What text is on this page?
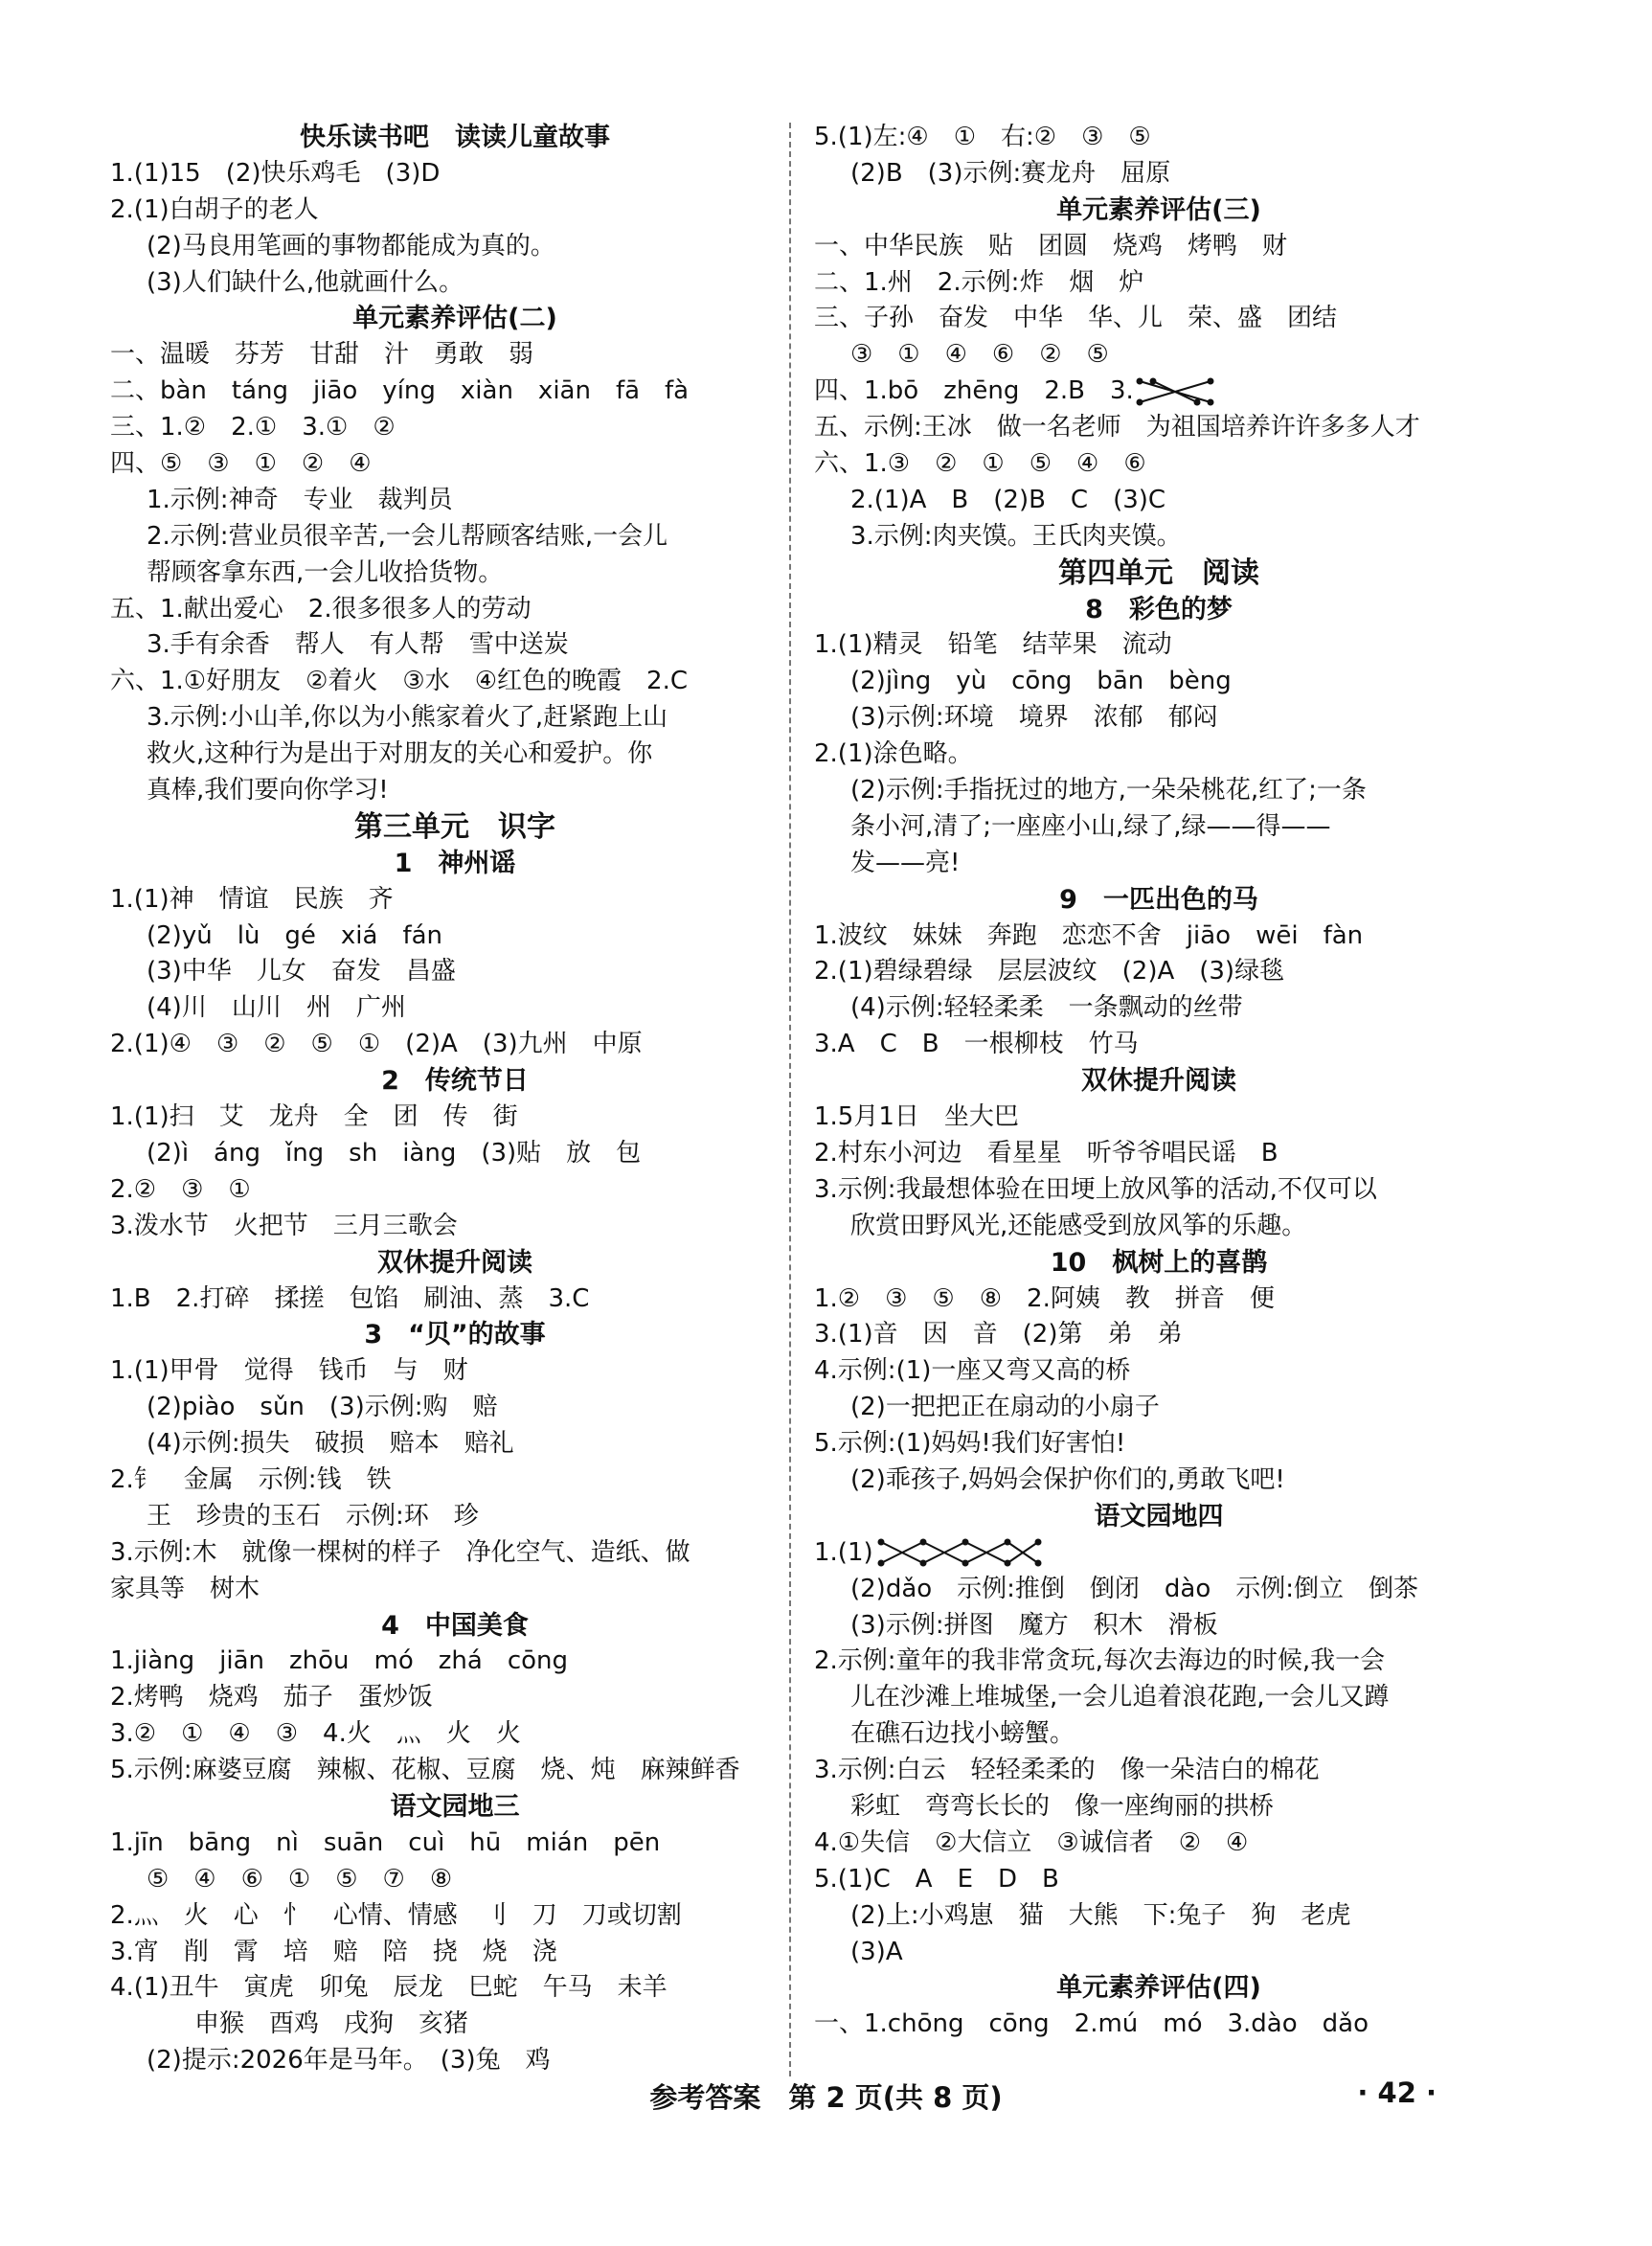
快乐读书吧　读读儿童故事
1.(1)15　(2)快乐鸡毛　(3)D
2.(1)白胡子的老人
(2)马良用笔画的事物都能成为真的。
(3)人们缺什么,他就画什么。
单元素养评估(二)
一、温暖　芬芳　甘甜　汁　勇敢　弱
二、bàn　táng　jiāo　yíng　xiàn　xiān　fā　fà
三、1.②　2.①　3.①　②
四、⑤　③　①　②　④
1.示例:神奇　专业　裁判员
2.示例:营业员很辛苦,一会儿帮顾客结账,一会儿
帮顾客拿东西,一会儿收拾货物。
五、1.献出爱心　2.很多很多人的劳动
3.手有余香　帮人　有人帮　雪中送炭
六、1.①好朋友　②着火　③水　④红色的晚霞　2.C
3.示例:小山羊,你以为小熊家着火了,赶紧跑上山
救火,这种行为是出于对朋友的关心和爱护。你
真棒,我们要向你学习!
第三单元　识字
1　神州谣
1.(1)神　情谊　民族　齐
(2)yǔ　lù　gé　xiá　fán
(3)中华　儿女　奋发　昌盛
(4)川　山川　州　广州
2.(1)④　③　②　⑤　①　(2)A　(3)九州　中原
2　传统节日
1.(1)扫　艾　龙舟　全　团　传　街
(2)ì　áng　ǐng　sh　iàng　(3)贴　放　包
2.②　③　①
3.泼水节　火把节　三月三歌会
双休提升阅读
1.B　2.打碎　揉搓　包馅　刷油、蒸　3.C
3　“贝”的故事
1.(1)甲骨　觉得　钱币　与　财
(2)piào　sǔn　(3)示例:购　赔
(4)示例:损失　破损　赔本　赔礼
2.钅　金属　示例:钱　铁
王　珍贵的玉石　示例:环　珍
3.示例:木　就像一棵树的样子　净化空气、造纸、做
家具等　树木
4　中国美食
1.jiàng　jiān　zhōu　mó　zhá　cōng
2.烤鸭　烧鸡　茄子　蛋炒饭
3.②　①　④　③　4.火　灬　火　火
5.示例:麻婆豆腐　辣椒、花椒、豆腐　烧、炖　麻辣鲜香
语文园地三
1.jīn　bāng　nì　suān　cuì　hū　mián　pēn
⑤　④　⑥　①　⑤　⑦　⑧
2.灬　火　心　忄　心情、情感　刂　刀　刀或切割
3.宵　削　霄　培　赔　陪　挠　烧　浇
4.(1)丑牛　寅虎　卯兔　辰龙　巳蛇　午马　未羊
申猴　酉鸡　戌狗　亥猪
(2)提示:2026年是马年。　(3)兔　鸡
5.(1)左:④　①　右:②　③　⑤
(2)B　(3)示例:赛龙舟　屈原
单元素养评估(三)
一、中华民族　贴　团圆　烧鸡　烤鸭　财
二、1.州　2.示例:炸　烟　炉
三、子孙　奋发　中华　华、儿　荣、盛　团结
③　①　④　⑥　②　⑤
四、1.bō　zhēng　2.B　3.
五、示例:王冰　做一名老师　为祖国培养许许多多人才
六、1.③　②　①　⑤　④　⑥
2.(1)A　B　(2)B　C　(3)C
3.示例:肉夹馍。王氏肉夹馍。
第四单元　阅读
8　彩色的梦
1.(1)精灵　铅笔　结苹果　流动
(2)jìng　yù　cōng　bān　bèng
(3)示例:环境　境界　浓郁　郁闷
2.(1)涂色略。
(2)示例:手指抚过的地方,一朵朵桃花,红了;一条
条小河,清了;一座座小山,绿了,绿——得——
发——亮!
9　一匹出色的马
1.波纹　妹妹　奔跑　恋恋不舍　jiāo　wēi　fàn
2.(1)碧绿碧绿　层层波纹　(2)A　(3)绿毯
(4)示例:轻轻柔柔　一条飘动的丝带
3.A　C　B　一根柳枝　竹马
双休提升阅读
1.5月1日　坐大巴
2.村东小河边　看星星　听爷爷唱民谣　B
3.示例:我最想体验在田埂上放风筝的活动,不仅可以
欣赏田野风光,还能感受到放风筝的乐趣。
10　枫树上的喜鹊
1.②　③　⑤　⑧　2.阿姨　教　拼音　便
3.(1)音　因　音　(2)第　弟　弟
4.示例:(1)一座又弯又高的桥
(2)一把把正在扇动的小扇子
5.示例:(1)妈妈!我们好害怕!
(2)乖孩子,妈妈会保护你们的,勇敢飞吧!
语文园地四
1.(1)
(2)dǎo　示例:推倒　倒闭　dào　示例:倒立　倒茶
(3)示例:拼图　魔方　积木　滑板
2.示例:童年的我非常贪玩,每次去海边的时候,我一会
儿在沙滩上堆城堡,一会儿追着浪花跑,一会儿又蹲
在礁石边找小螃蟹。
3.示例:白云　轻轻柔柔的　像一朵洁白的棉花
彩虹　弯弯长长的　像一座绚丽的拱桥
4.①失信　②大信立　③诚信者　②　④
5.(1)C　A　E　D　B
(2)上:小鸡崽　猫　大熊　下:兔子　狗　老虎
(3)A
单元素养评估(四)
一、1.chōng　cōng　2.mú　mó　3.dào　dǎo
参考答案　第 2 页(共 8 页)	· 42 ·
